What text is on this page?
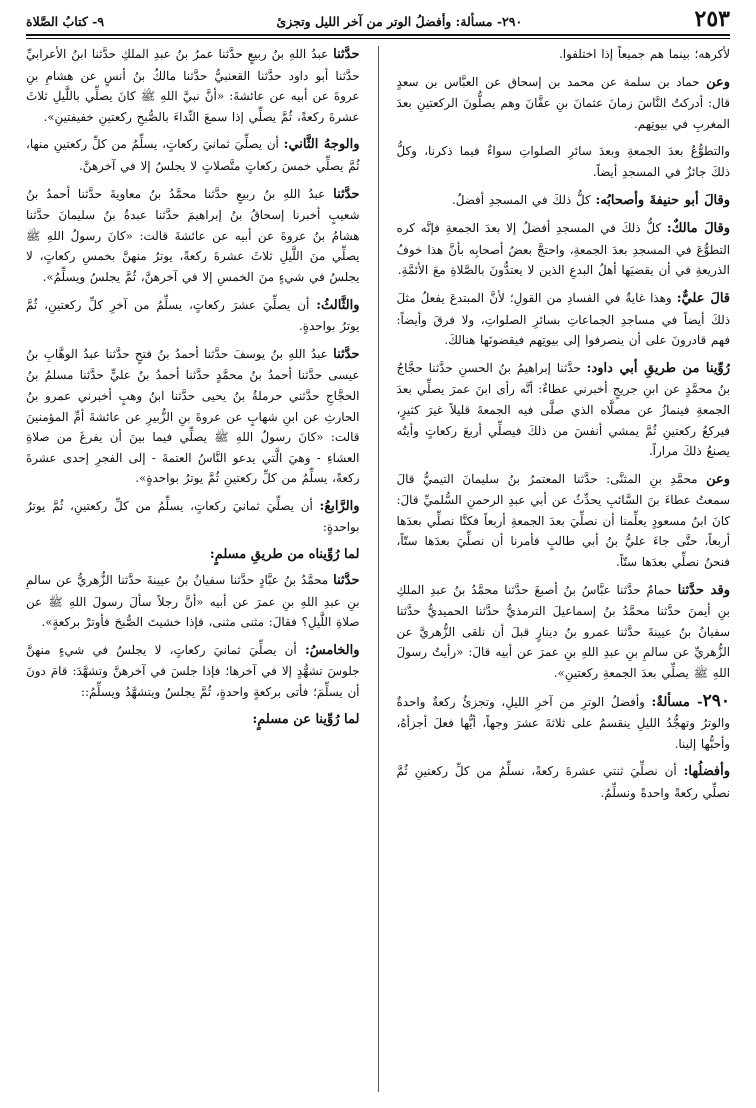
٢٥٣
٢٩٠- مسألة: وأفضلُ الوتر من آخر الليل وتجزئ
٩- كتابُ الصَّلاة

لأكرهه؛ بينما هم جميعاً إذا اختلفوا.

وعن حماد بن سلمة عن محمد بن إسحاق عن العبَّاس بن سعدٍ قال: أدركتُ النَّاسَ زمانَ عثمانَ بنِ عفَّانَ وهم يصلُّونَ الركعتينِ بعدَ المغربِ في بيوتِهم.

والتطوُّعُ بعدَ الجمعةِ وبعدَ سائرِ الصلواتِ سواءٌ فيما ذكرنا، وكلُّ ذلكَ جائزٌ في المسجدِ أيضاً.

وقالَ أبو حنيفةَ وأصحابُه: كلُّ ذلكَ في المسجدِ أفضلُ.

وقالَ مالكٌ: كلُّ ذلكَ في المسجدِ أفضلُ إلا بعدَ الجمعةِ فإنَّه كره التطوُّعَ في المسجدِ بعدَ الجمعةِ، واحتجَّ بعضُ أصحابِه بأنَّ هذا خوفُ الذريعةِ في أن يقضيَها أهلُ البدعِ الذين لا يعتدُّونَ بالصَّلاةِ معَ الأئمَّةِ.

قالَ عليٌّ: وهذا غايةٌ في الفسادِ من القولِ؛ لأنَّ المبتدعَ يفعلُ مثلَ ذلكَ أيضاً في مساجدِ الجماعاتِ بسائرِ الصلواتِ، ولا فرقَ وأيضاً: فهم قادرونَ على أن ينصرفوا إلى بيوتِهم فيقضونَها هنالكَ.

رُوِّينا من طريقِ أبي داود: حدَّثنا إبراهيمُ بنُ الحسنِ حدَّثنا حجَّاجُ بنُ محمَّدٍ عن ابنِ جريجٍ أخبرني عطاءٌ: أنَّه رأى ابنَ عمرَ يصلِّي بعدَ الجمعةِ فينمازُ عن مصلَّاه الذي صلَّى فيه الجمعةَ قليلاً غيرَ كثيرٍ، فيركعُ ركعتينِ ثُمَّ يمشي أنفسَ من ذلكَ فيصلِّي أربعَ ركعاتٍ وأيتُه يصنعُ ذلكَ مراراً.

وعن محمَّدِ بنِ المثنَّى: حدَّثنا المعتمرُ بنُ سليمانَ التيميُّ قالَ سمعتُ عطاءَ بنَ السَّائبِ يحدِّثُ عن أبي عبدِ الرحمنِ السُّلميِّ قالَ: كانَ ابنُ مسعودٍ يعلِّمنا أن نصلِّيَ بعدَ الجمعةِ أربعاً فكنَّا نصلِّي بعدَها أربعاً، حتَّى جاءَ عليُّ بنُ أبي طالبٍ فأمرنا أن نصلِّيَ بعدَها ستّاً، فنحنُ نصلِّي بعدَها ستّاً.

وقد حدَّثنا حمامٌ حدَّثنا عبَّاسُ بنُ أصبغَ حدَّثنا محمَّدُ بنُ عبدِ الملكِ بنِ أيمنَ حدَّثنا محمَّدُ بنُ إسماعيلَ الترمذيُّ حدَّثنا الحميديُّ حدَّثنا سفيانُ بنُ عيينةَ حدَّثنا عمرو بنُ دينارٍ قبلَ أن نلقى الزُّهريَّ عن الزُّهريِّ عن سالمِ بنِ عبدِ اللهِ بنِ عمرَ عن أبيه قالَ: «رأيتُ رسولَ اللهِ ﷺ يصلِّي بعدَ الجمعةِ ركعتينِ».

٢٩٠- مسألةٌ: وأفضلُ الوترِ من آخرِ الليلِ، وتجزئُ ركعةٌ واحدةٌ والوترُ وتهجُّدُ الليلِ ينقسمُ على ثلاثةَ عشرَ وجهاً، أيُّها فعلَ أجزأهُ، وأحبُّها إلينا.

وأفضلُها: أن نصلِّيَ ثنتي عشرةَ ركعةً، نسلِّمُ من كلِّ ركعتينِ ثُمَّ نصلِّي ركعةً واحدةً ونسلِّمُ.

حدَّثنا عبدُ اللهِ بنُ ربيعٍ حدَّثنا عمرُ بنُ عبدِ الملكِ حدَّثنا ابنُ الأعرابيِّ حدَّثنا أبو داود حدَّثنا القعنبيُّ حدَّثنا مالكُ بنُ أنسٍ عن هشامِ بنِ عروةَ عن أبيه عن عائشةَ: «أنَّ نبيَّ اللهِ ﷺ كانَ يصلِّي باللَّيلِ ثلاثَ عشرةَ ركعةً، ثُمَّ يصلِّي إذا سمعَ النِّداءَ بالصُّبحِ ركعتينِ خفيفتينِ».

والوجهُ الثَّاني: أن يصلِّيَ ثمانيَ ركعاتٍ، يسلِّمُ من كلِّ ركعتينِ منها، ثُمَّ يصلِّي خمسَ ركعاتٍ متَّصلاتٍ لا يجلسُ إلا في آخرهنَّ.

حدَّثنا عبدُ اللهِ بنُ ربيعٍ حدَّثنا محمَّدُ بنُ معاويةَ حدَّثنا أحمدُ بنُ شعيبٍ أخبرنا إسحاقُ بنُ إبراهيمَ حدَّثنا عبدةُ بنُ سليمانَ حدَّثنا هشامُ بنُ عروةَ عن أبيه عن عائشةَ قالت: «كانَ رسولُ اللهِ ﷺ يصلِّي منَ اللَّيلِ ثلاثَ عشرةَ ركعةً، يوترُ منهنَّ بخمسِ ركعاتٍ، لا يجلسُ في شيءٍ منَ الخمسِ إلا في آخرهنَّ، ثُمَّ يجلسُ ويسلِّمُ».

والثَّالثُ: أن يصلِّيَ عشرَ ركعاتٍ، يسلِّمُ من آخرِ كلِّ ركعتينِ، ثُمَّ يوترُ بواحدةٍ.

حدَّثنا عبدُ اللهِ بنُ يوسفَ حدَّثنا أحمدُ بنُ فتحٍ حدَّثنا عبدُ الوهَّابِ بنُ عيسى حدَّثنا أحمدُ بنُ محمَّدٍ حدَّثنا أحمدُ بنُ عليٍّ حدَّثنا مسلمُ بنُ الحجَّاجِ حدَّثني حرملةُ بنُ يحيى حدَّثنا ابنُ وهبٍ أخبرني عمرو بنُ الحارثِ عن ابنِ شهابٍ عن عروةَ بنِ الزُّبيرِ عن عائشةَ أمِّ المؤمنينَ قالت: «كانَ رسولُ اللهِ ﷺ يصلِّي فيما بينَ أن يفرغَ من صلاةِ العشاءِ - وهيَ الَّتي يدعو النَّاسُ العتمةَ - إلى الفجرِ إحدى عشرةَ ركعةً، يسلِّمُ من كلِّ ركعتينِ ثُمَّ يوترُ بواحدةٍ».

والرَّابعُ: أن يصلِّيَ ثمانيَ ركعاتٍ، يسلِّمُ من كلِّ ركعتينِ، ثُمَّ يوترُ بواحدةٍ:

لما رُوِّيناه من طريقِ مسلمٍ:

حدَّثنا محمَّدُ بنُ عبَّادٍ حدَّثنا سفيانُ بنُ عيينةَ حدَّثنا الزُّهريُّ عن سالمِ بنِ عبدِ اللهِ بنِ عمرَ عن أبيه «أنَّ رجلاً سألَ رسولَ اللهِ ﷺ عن صلاةِ اللَّيلِ؟ فقالَ: مثنى مثنى، فإذا خشيتَ الصُّبحَ فأوترْ بركعةٍ».

والخامسُ: أن يصلِّيَ ثمانيَ ركعاتٍ، لا يجلسُ في شيءٍ منهنَّ جلوسَ تشهُّدٍ إلا في آخرها؛ فإذا جلسَ في آخرهنَّ وتشهَّدَ: قامَ دونَ أن يسلِّمَ؛ فأتى بركعةٍ واحدةٍ، ثُمَّ يجلسُ ويتشهَّدُ ويسلِّمُ::

لما رُوِّينا عن مسلمٍ:
